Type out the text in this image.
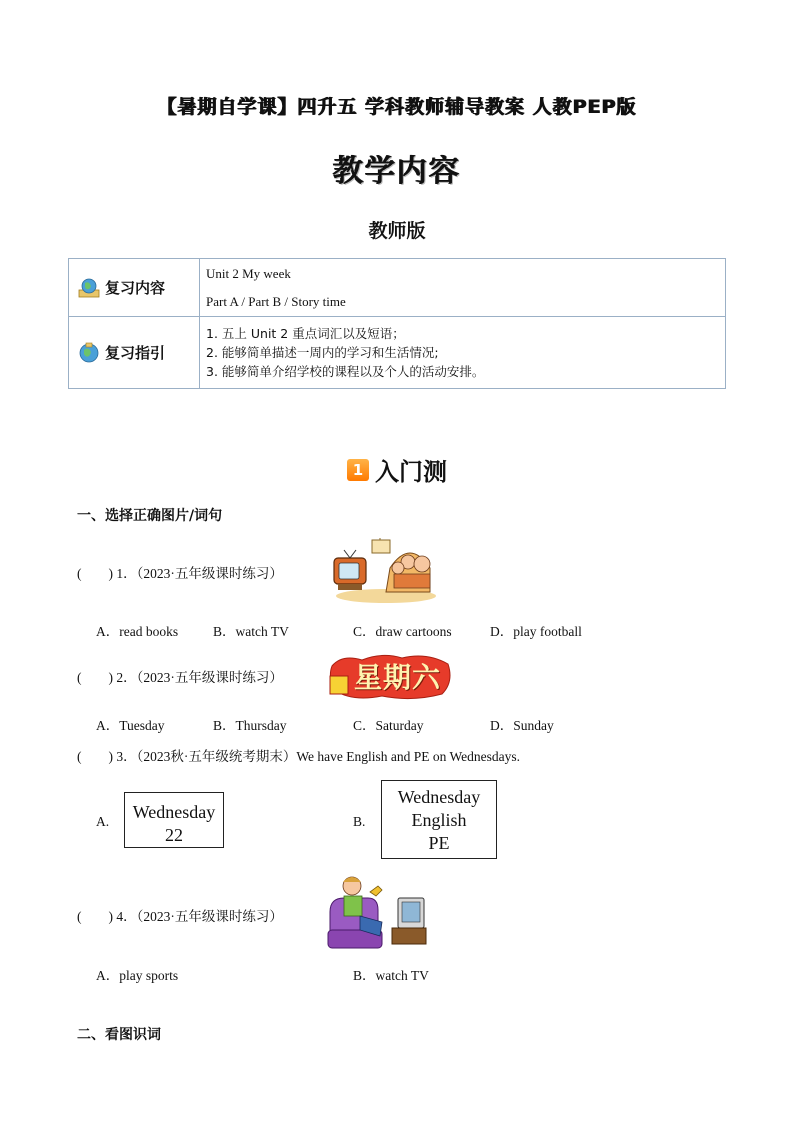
【暑期自学课】四升五 学科教师辅导教案 人教PEP版
教学内容
教师版
复习内容	Unit 2 My week
Part A / Part B / Story time

复习指引	1. 五上 Unit 2 重点词汇以及短语；
2. 能够简单描述一周内的学习和生活情况;
3. 能够简单介绍学校的课程以及个人的活动安排。
1 入门测
一、选择正确图片/词句
(　　) 1．（2023·五年级课时练习）
A．read books	B．watch TV	C．draw cartoons	D．play football
(　　) 2．（2023·五年级课时练习）	星期六
A．Tuesday	B．Thursday	C．Saturday	D．Sunday
(　　) 3．（2023秋·五年级统考期末）We have English and PE on Wednesdays.
A.	Wednesday
22
B.
Wednesday
English
PE
(　　) 4．（2023·五年级课时练习）
A．play sports	B．watch TV
二、看图识词
